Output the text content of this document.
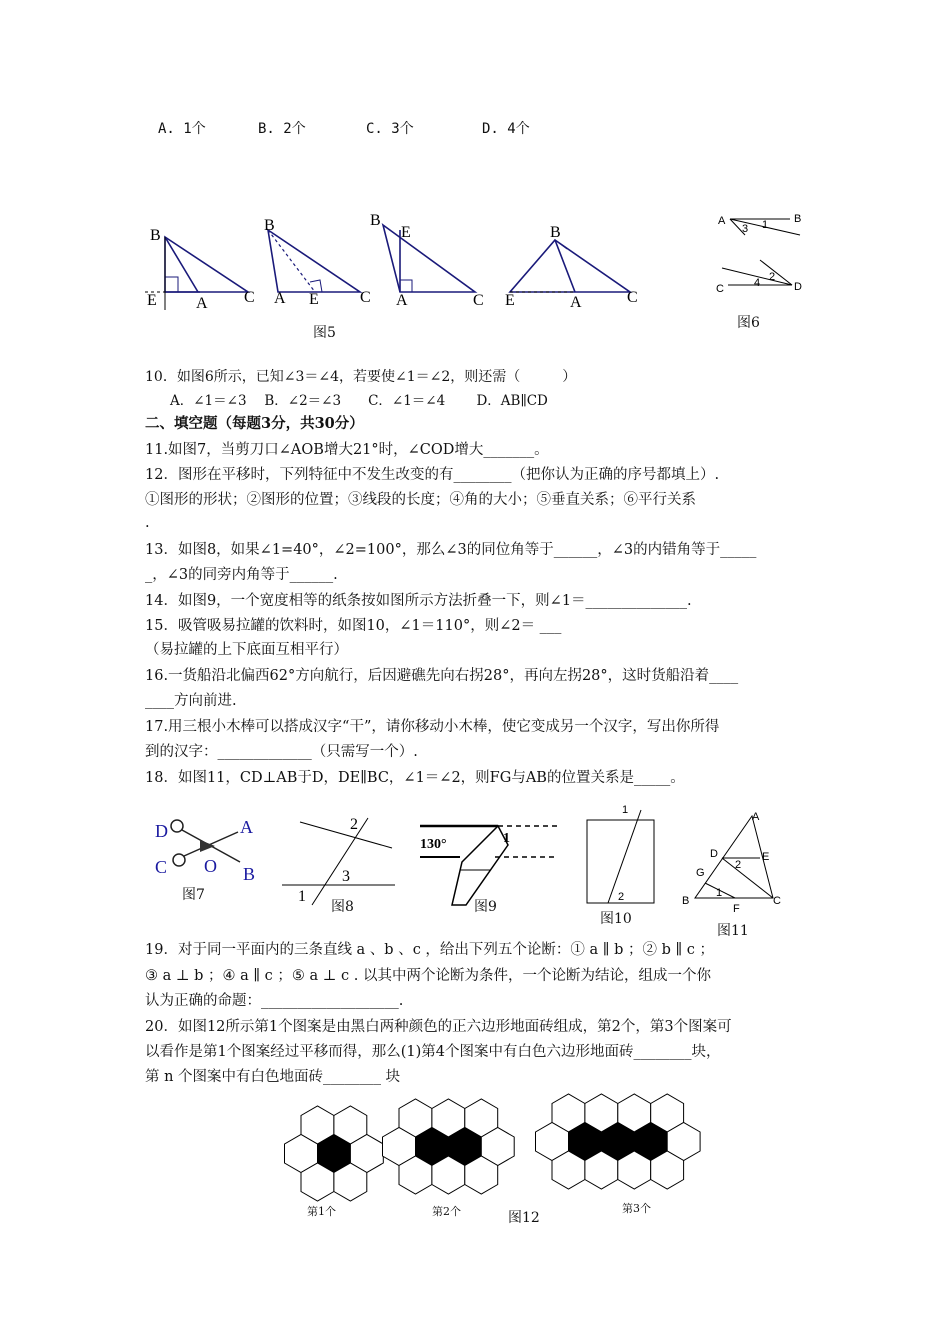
A. 1个	B. 2个	C. 3个	D. 4个
B
E A C
B
A E	C
B
E
A	C
B
E	A	C
图5
A	B
3 1
C	D
2
4
图6
10．如图6所示，已知∠3＝∠4，若要使∠1＝∠2，则还需（　　　）
A．∠1＝∠3　 B．∠2＝∠3　　C．∠1＝∠4　　 D．AB∥CD
二、填空题（每题3分，共30分）
11.如图7，当剪刀口∠AOB增大21°时，∠COD增大_______。
12．图形在平移时，下列特征中不发生改变的有________（把你认为正确的序号都填上）.
①图形的形状；②图形的位置；③线段的长度；④角的大小；⑤垂直关系；⑥平行关系
.
13．如图8，如果∠1=40°，∠2=100°，那么∠3的同位角等于______，∠3的内错角等于_____
_，∠3的同旁内角等于______.
14．如图9，一个宽度相等的纸条按如图所示方法折叠一下，则∠1＝______________.
15．吸管吸易拉罐的饮料时，如图10，∠1＝110°，则∠2＝ ___
（易拉罐的上下底面互相平行）
16.一货船沿北偏西62°方向航行，后因避礁先向右拐28°，再向左拐28°，这时货船沿着____
____方向前进.
17.用三根小木棒可以搭成汉字“干”，请你移动小木棒，使它变成另一个汉字，写出你所得
到的汉字：_____________（只需写一个）.
18．如图11，CD⊥AB于D，DE∥BC，∠1＝∠2，则FG与AB的位置关系是_____。
D	A
C O B
2
3
1
130°	1
1
2
A
D
2
E
G
1
B
F
C
图7
图8	图9
图10
图11
19．对于同一平面内的三条直线 a 、b 、c ，给出下列五个论断：① a ∥ b ；② b ∥ c ；
③ a ⊥ b ；④ a ∥ c ；⑤ a ⊥ c . 以其中两个论断为条件，一个论断为结论，组成一个你
认为正确的命题：___________________.
20．如图12所示第1个图案是由黑白两种颜色的正六边形地面砖组成，第2个，第3个图案可
以看作是第1个图案经过平移而得，那么(1)第4个图案中有白色六边形地面砖________块，
第 n 个图案中有白色地面砖________ 块
第1个	第2个	第3个
图12
